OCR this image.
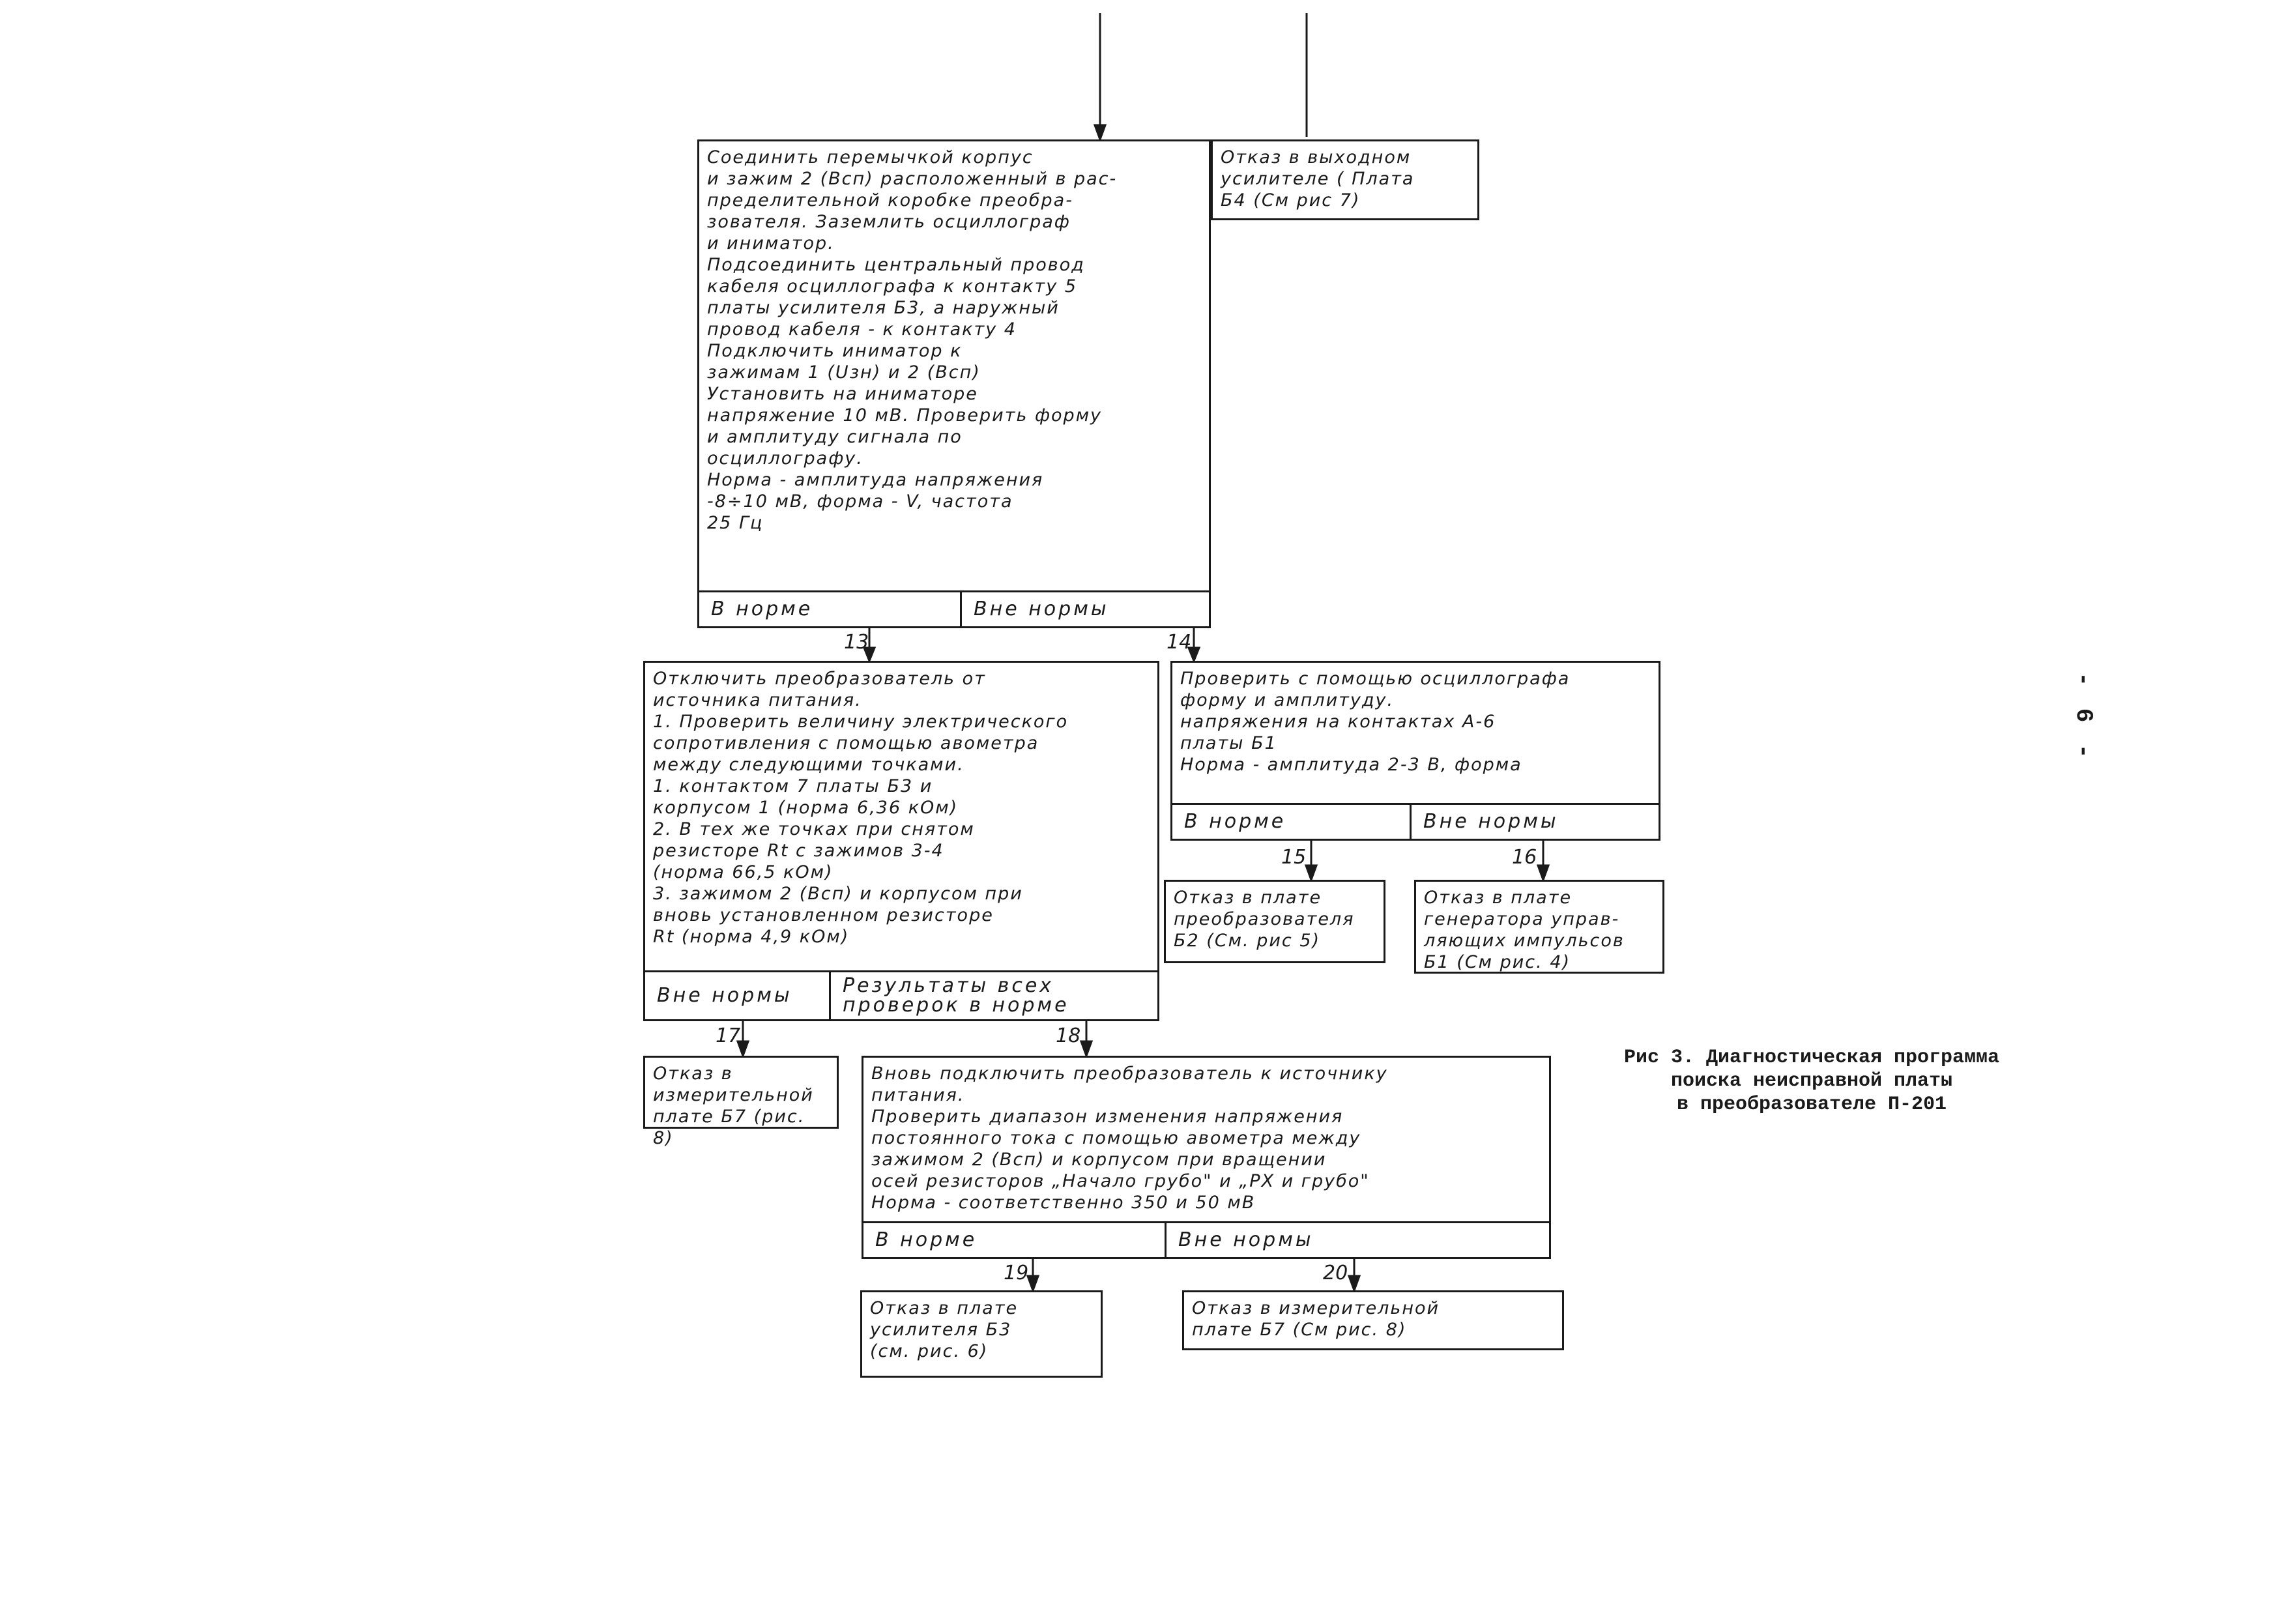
Соединить перемычкой корпус
и зажим 2 (Всп) расположенный в рас-
пределительной коробке преобра-
зователя. Заземлить осциллограф
и иниматор.
Подсоединить центральный провод
кабеля осциллографа к контакту 5
платы усилителя Б3, а наружный
провод кабеля - к контакту 4
Подключить иниматор к
зажимам 1 (Uзн) и 2 (Всп)
Установить на иниматоре
напряжение 10 мВ. Проверить форму
и амплитуду сигнала по
осциллографу.
Норма - амплитуда напряжения
-8÷10 мВ, форма - V, частота
25 Гц
В норме	Вне нормы
Отказ в выходном
усилителе ( Плата
Б4 (См рис 7)
13	14
Отключить преобразователь от
источника питания.
1. Проверить величину электрического
сопротивления с помощью авометра
между следующими точками.
1. контактом 7 платы Б3 и
корпусом 1 (норма 6,36 кОм)
2. В тех же точках при снятом
резисторе Rt с зажимов 3-4
(норма 66,5 кОм)
3. зажимом 2 (Всп) и корпусом при
вновь установленном резисторе
Rt (норма 4,9 кОм)
Вне нормы	Результаты всех
проверок в норме
Проверить с помощью осциллографа
форму и амплитуду.
напряжения на контактах А-6
платы Б1
Норма - амплитуда 2-3 В, форма
В норме	Вне нормы
15	16
Отказ в плате
преобразователя
Б2 (См. рис 5)
Отказ в плате
генератора управ-
ляющих импульсов
Б1 (См рис. 4)
17	18
Отказ в
измерительной
плате Б7 (рис. 8)
Вновь подключить преобразователь к источнику
питания.
Проверить диапазон изменения напряжения
постоянного тока с помощью авометра между
зажимом 2 (Всп) и корпусом при вращении
осей резисторов „Начало грубо" и „РХ и грубо"
Норма - соответственно 350 и 50 мВ
В норме	Вне нормы
19	20
Отказ в плате
усилителя Б3
(см. рис. 6)
Отказ в измерительной
плате Б7 (См рис. 8)
Рис 3. Диагностическая программа
поиска неисправной платы
в преобразователе П-201
- 6 -
